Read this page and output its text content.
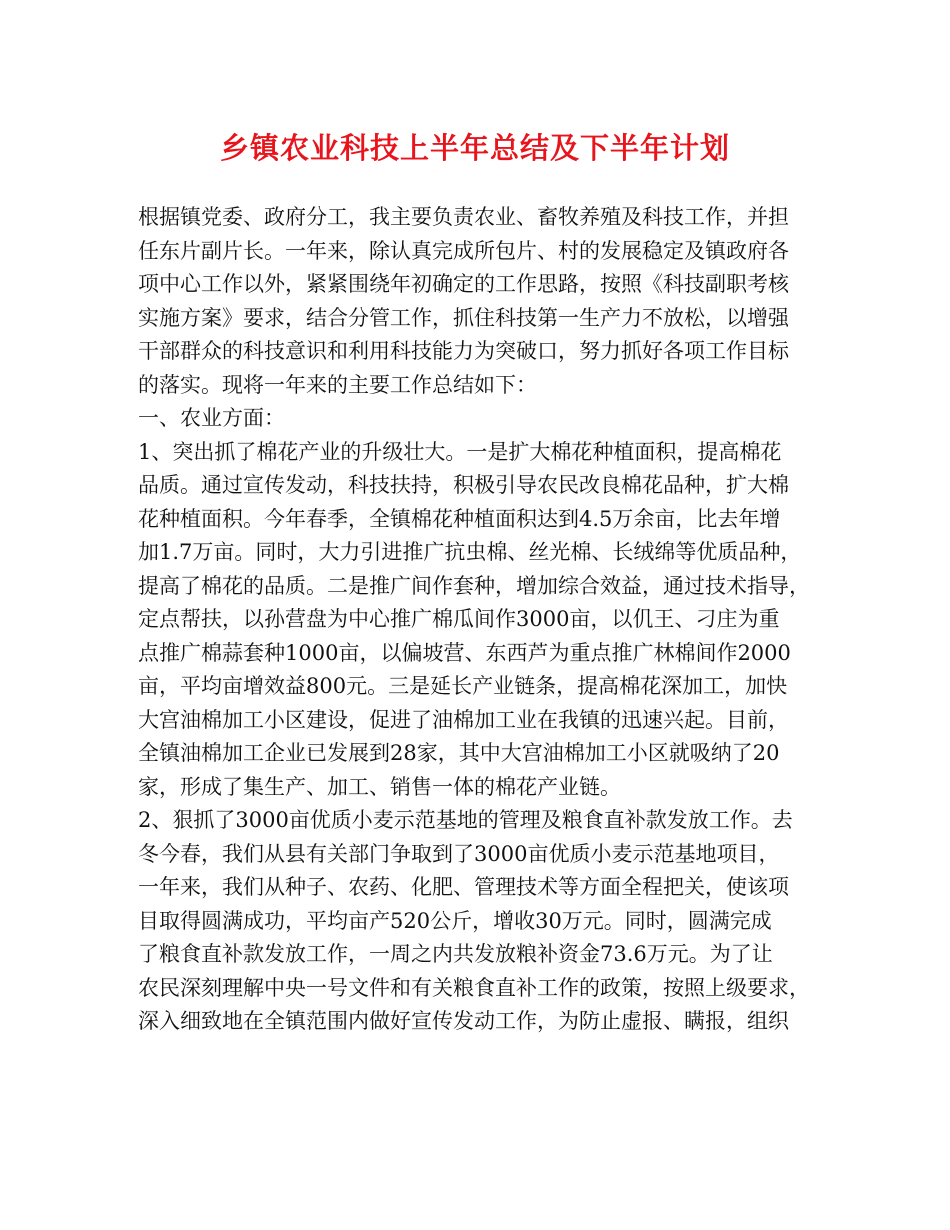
乡镇农业科技上半年总结及下半年计划
根据镇党委、政府分工，我主要负责农业、畜牧养殖及科技工作，并担
任东片副片长。一年来，除认真完成所包片、村的发展稳定及镇政府各
项中心工作以外，紧紧围绕年初确定的工作思路，按照《科技副职考核
实施方案》要求，结合分管工作，抓住科技第一生产力不放松，以增强
干部群众的科技意识和利用科技能力为突破口，努力抓好各项工作目标
的落实。现将一年来的主要工作总结如下：
一、农业方面：
1、突出抓了棉花产业的升级壮大。一是扩大棉花种植面积，提高棉花
品质。通过宣传发动，科技扶持，积极引导农民改良棉花品种，扩大棉
花种植面积。今年春季，全镇棉花种植面积达到4.5万余亩，比去年增
加1.7万亩。同时，大力引进推广抗虫棉、丝光棉、长绒绵等优质品种，
提高了棉花的品质。二是推广间作套种，增加综合效益，通过技术指导，
定点帮扶，以孙营盘为中心推广棉瓜间作3000亩，以仉王、刁庄为重
点推广棉蒜套种1000亩，以偏坡营、东西芦为重点推广林棉间作2000
亩，平均亩增效益800元。三是延长产业链条，提高棉花深加工，加快
大宫油棉加工小区建设，促进了油棉加工业在我镇的迅速兴起。目前，
全镇油棉加工企业已发展到28家，其中大宫油棉加工小区就吸纳了20
家，形成了集生产、加工、销售一体的棉花产业链。
2、狠抓了3000亩优质小麦示范基地的管理及粮食直补款发放工作。去
冬今春，我们从县有关部门争取到了3000亩优质小麦示范基地项目，
一年来，我们从种子、农药、化肥、管理技术等方面全程把关，使该项
目取得圆满成功，平均亩产520公斤，增收30万元。同时，圆满完成
了粮食直补款发放工作，一周之内共发放粮补资金73.6万元。为了让
农民深刻理解中央一号文件和有关粮食直补工作的政策，按照上级要求，
深入细致地在全镇范围内做好宣传发动工作，为防止虚报、瞒报，组织
